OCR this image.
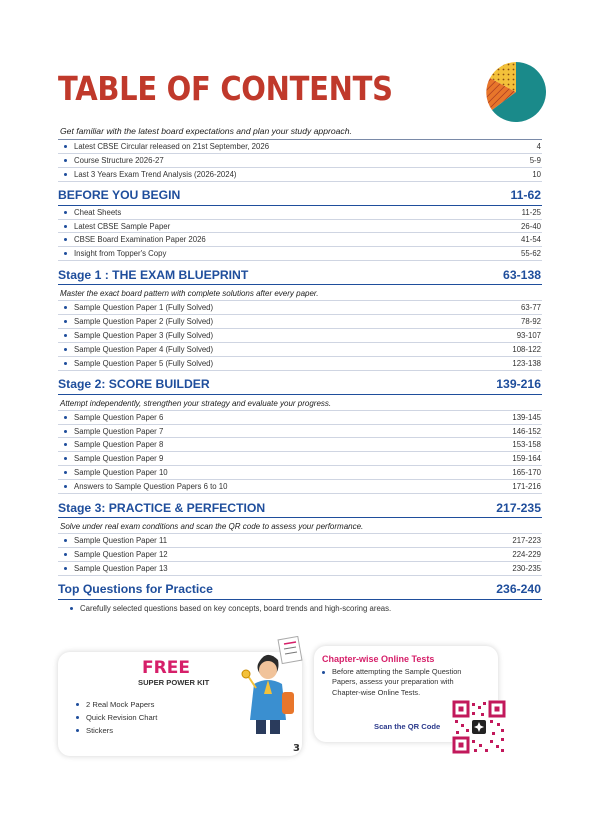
TABLE OF CONTENTS
Get familiar with the latest board expectations and plan your study approach.
Latest CBSE Circular released on 21st September, 2026	4
Course Structure 2026-27	5-9
Last 3 Years Exam Trend Analysis (2026-2024)	10
BEFORE YOU BEGIN	11-62
Cheat Sheets	11-25
Latest CBSE Sample Paper	26-40
CBSE Board Examination Paper 2026	41-54
Insight from Topper's Copy	55-62
Stage 1 : THE EXAM BLUEPRINT	63-138
Master the exact board pattern with complete solutions after every paper.
Sample Question Paper 1 (Fully Solved)	63-77
Sample Question Paper 2 (Fully Solved)	78-92
Sample Question Paper 3 (Fully Solved)	93-107
Sample Question Paper 4 (Fully Solved)	108-122
Sample Question Paper 5 (Fully Solved)	123-138
Stage 2: SCORE BUILDER	139-216
Attempt independently, strengthen your strategy and evaluate your progress.
Sample Question Paper 6	139-145
Sample Question Paper 7	146-152
Sample Question Paper 8	153-158
Sample Question Paper 9	159-164
Sample Question Paper 10	165-170
Answers to Sample Question Papers 6 to 10	171-216
Stage 3: PRACTICE & PERFECTION	217-235
Solve under real exam conditions and scan the QR code to assess your performance.
Sample Question Paper 11	217-223
Sample Question Paper 12	224-229
Sample Question Paper 13	230-235
Top Questions for Practice	236-240
Carefully selected questions based on key concepts, board trends and high-scoring areas.
FREE
SUPER POWER KIT
2 Real Mock Papers
Quick Revision Chart
Stickers
3
Chapter-wise Online Tests
Before attempting the Sample Question Papers, assess your preparation with Chapter-wise Online Tests.
Scan the QR Code
